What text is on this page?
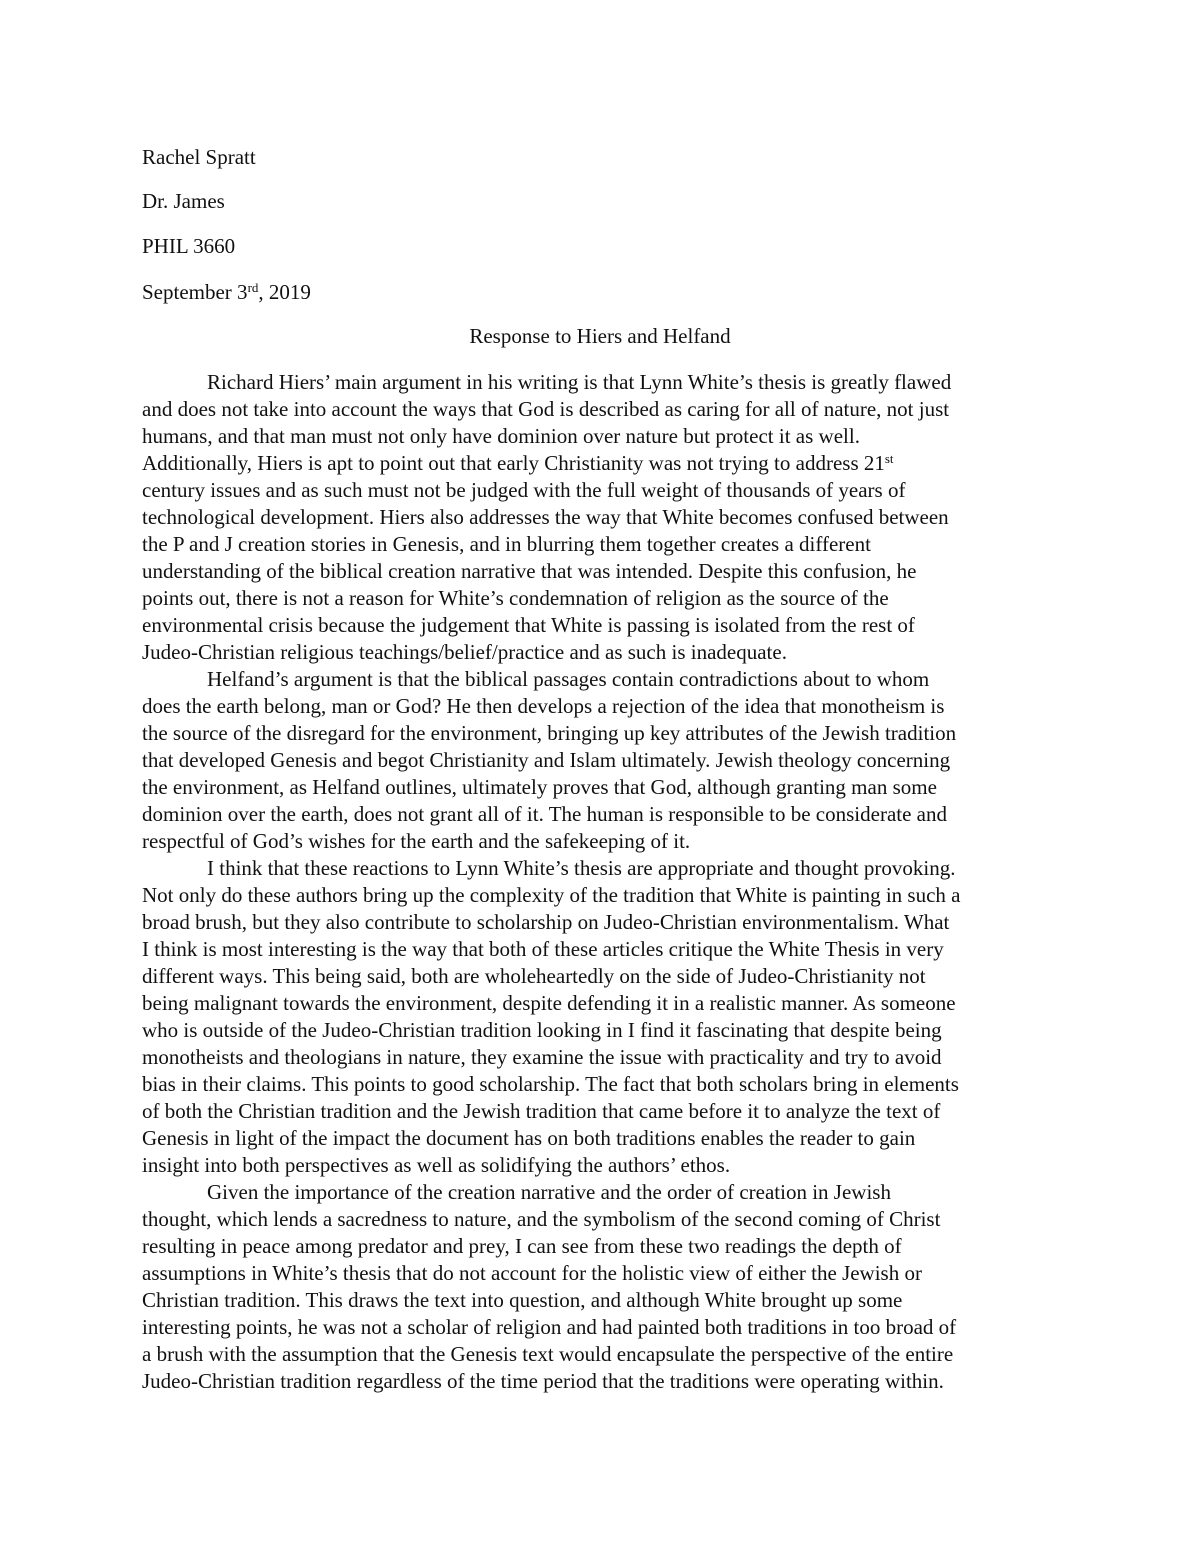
Rachel Spratt
Dr. James
PHIL 3660
September 3rd, 2019
Response to Hiers and Helfand
Richard Hiers’ main argument in his writing is that Lynn White’s thesis is greatly flawed
and does not take into account the ways that God is described as caring for all of nature, not just
humans, and that man must not only have dominion over nature but protect it as well.
Additionally, Hiers is apt to point out that early Christianity was not trying to address 21st
century issues and as such must not be judged with the full weight of thousands of years of
technological development. Hiers also addresses the way that White becomes confused between
the P and J creation stories in Genesis, and in blurring them together creates a different
understanding of the biblical creation narrative that was intended. Despite this confusion, he
points out, there is not a reason for White’s condemnation of religion as the source of the
environmental crisis because the judgement that White is passing is isolated from the rest of
Judeo-Christian religious teachings/belief/practice and as such is inadequate.
Helfand’s argument is that the biblical passages contain contradictions about to whom
does the earth belong, man or God? He then develops a rejection of the idea that monotheism is
the source of the disregard for the environment, bringing up key attributes of the Jewish tradition
that developed Genesis and begot Christianity and Islam ultimately. Jewish theology concerning
the environment, as Helfand outlines, ultimately proves that God, although granting man some
dominion over the earth, does not grant all of it. The human is responsible to be considerate and
respectful of God’s wishes for the earth and the safekeeping of it.
I think that these reactions to Lynn White’s thesis are appropriate and thought provoking.
Not only do these authors bring up the complexity of the tradition that White is painting in such a
broad brush, but they also contribute to scholarship on Judeo-Christian environmentalism. What
I think is most interesting is the way that both of these articles critique the White Thesis in very
different ways. This being said, both are wholeheartedly on the side of Judeo-Christianity not
being malignant towards the environment, despite defending it in a realistic manner. As someone
who is outside of the Judeo-Christian tradition looking in I find it fascinating that despite being
monotheists and theologians in nature, they examine the issue with practicality and try to avoid
bias in their claims. This points to good scholarship. The fact that both scholars bring in elements
of both the Christian tradition and the Jewish tradition that came before it to analyze the text of
Genesis in light of the impact the document has on both traditions enables the reader to gain
insight into both perspectives as well as solidifying the authors’ ethos.
Given the importance of the creation narrative and the order of creation in Jewish
thought, which lends a sacredness to nature, and the symbolism of the second coming of Christ
resulting in peace among predator and prey, I can see from these two readings the depth of
assumptions in White’s thesis that do not account for the holistic view of either the Jewish or
Christian tradition. This draws the text into question, and although White brought up some
interesting points, he was not a scholar of religion and had painted both traditions in too broad of
a brush with the assumption that the Genesis text would encapsulate the perspective of the entire
Judeo-Christian tradition regardless of the time period that the traditions were operating within.
